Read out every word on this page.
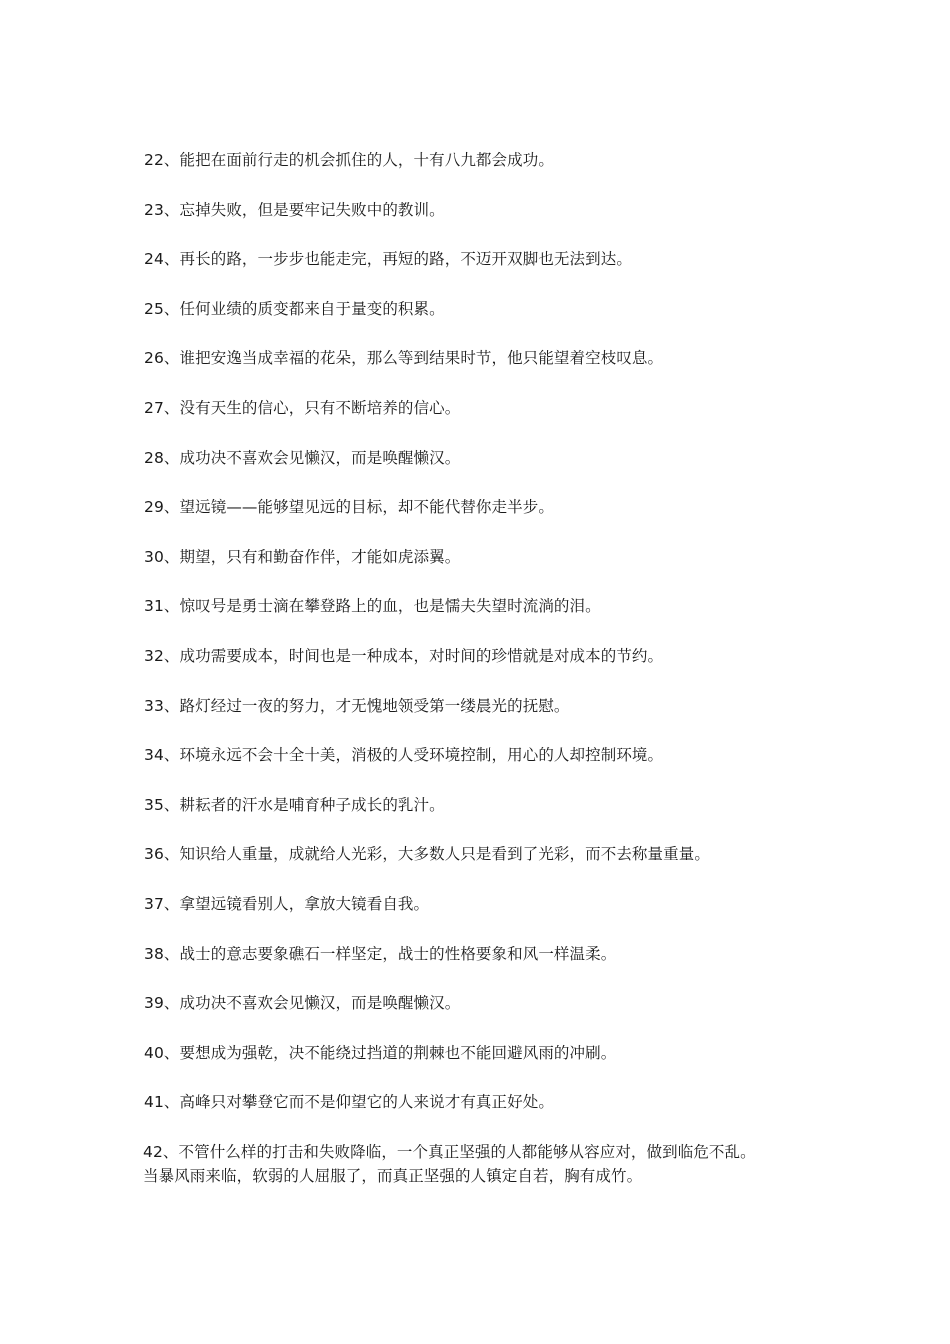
22、能把在面前行走的机会抓住的人，十有八九都会成功。
23、忘掉失败，但是要牢记失败中的教训。
24、再长的路，一步步也能走完，再短的路，不迈开双脚也无法到达。
25、任何业绩的质变都来自于量变的积累。
26、谁把安逸当成幸福的花朵，那么等到结果时节，他只能望着空枝叹息。
27、没有天生的信心，只有不断培养的信心。
28、成功决不喜欢会见懒汉，而是唤醒懒汉。
29、望远镜——能够望见远的目标，却不能代替你走半步。
30、期望，只有和勤奋作伴，才能如虎添翼。
31、惊叹号是勇士滴在攀登路上的血，也是懦夫失望时流淌的泪。
32、成功需要成本，时间也是一种成本，对时间的珍惜就是对成本的节约。
33、路灯经过一夜的努力，才无愧地领受第一缕晨光的抚慰。
34、环境永远不会十全十美，消极的人受环境控制，用心的人却控制环境。
35、耕耘者的汗水是哺育种子成长的乳汁。
36、知识给人重量，成就给人光彩，大多数人只是看到了光彩，而不去称量重量。
37、拿望远镜看别人，拿放大镜看自我。
38、战士的意志要象礁石一样坚定，战士的性格要象和风一样温柔。
39、成功决不喜欢会见懒汉，而是唤醒懒汉。
40、要想成为强乾，决不能绕过挡道的荆棘也不能回避风雨的冲刷。
41、高峰只对攀登它而不是仰望它的人来说才有真正好处。
42、不管什么样的打击和失败降临，一个真正坚强的人都能够从容应对，做到临危不乱。
当暴风雨来临，软弱的人屈服了，而真正坚强的人镇定自若，胸有成竹。
